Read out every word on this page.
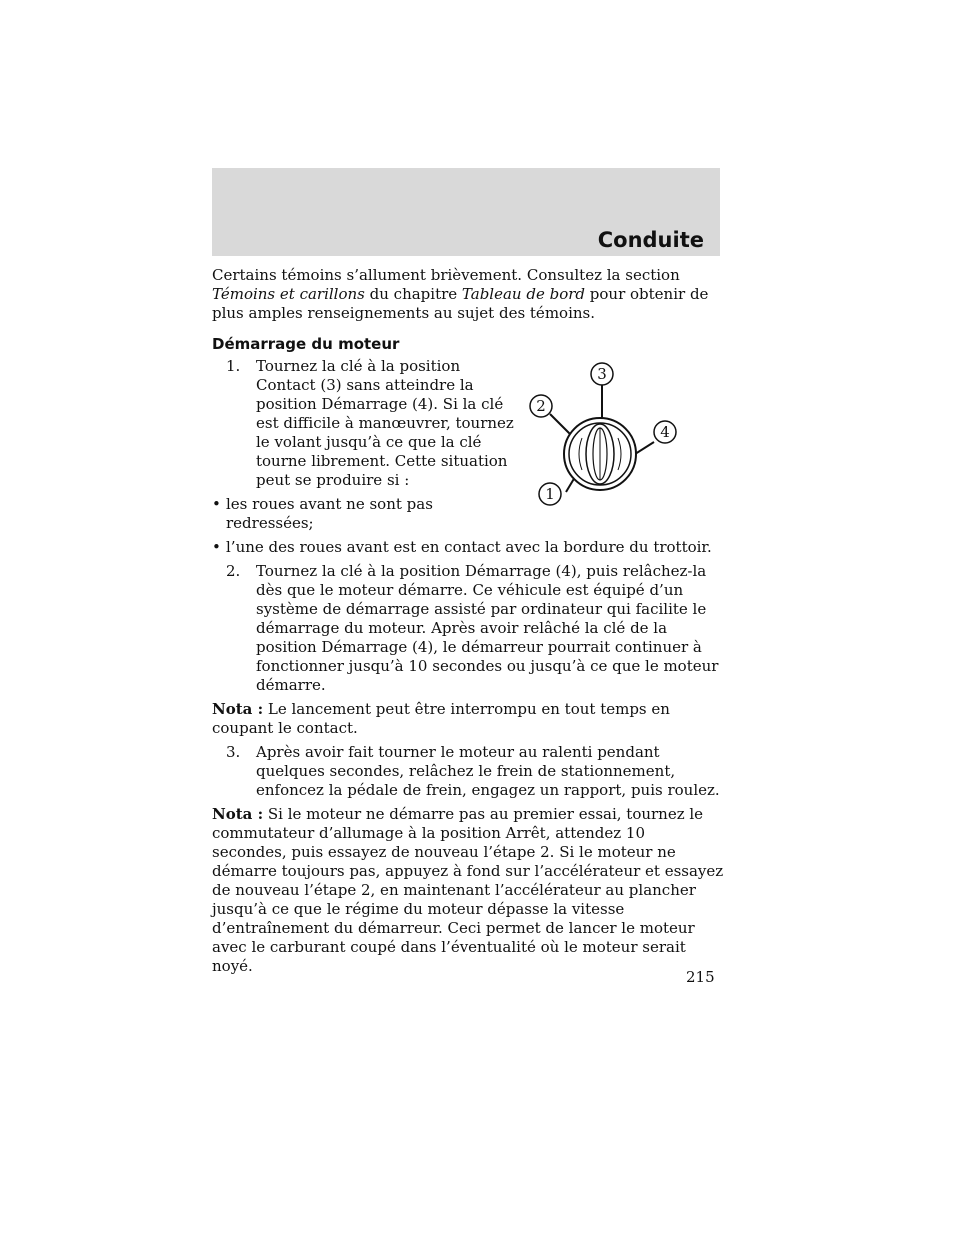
Conduite

Certains témoins s’allument brièvement. Consultez la section Témoins et carillons du chapitre Tableau de bord pour obtenir de plus amples renseignements au sujet des témoins.

Démarrage du moteur

1. Tournez la clé à la position Contact (3) sans atteindre la position Démarrage (4). Si la clé est difficile à manœuvrer, tournez le volant jusqu’à ce que la clé tourne librement. Cette situation peut se produire si :

• les roues avant ne sont pas redressées;

• l’une des roues avant est en contact avec la bordure du trottoir.

2. Tournez la clé à la position Démarrage (4), puis relâchez-la dès que le moteur démarre. Ce véhicule est équipé d’un système de démarrage assisté par ordinateur qui facilite le démarrage du moteur. Après avoir relâché la clé de la position Démarrage (4), le démarreur pourrait continuer à fonctionner jusqu’à 10 secondes ou jusqu’à ce que le moteur démarre.

Nota : Le lancement peut être interrompu en tout temps en coupant le contact.

3. Après avoir fait tourner le moteur au ralenti pendant quelques secondes, relâchez le frein de stationnement, enfoncez la pédale de frein, engagez un rapport, puis roulez.

Nota : Si le moteur ne démarre pas au premier essai, tournez le commutateur d’allumage à la position Arrêt, attendez 10 secondes, puis essayez de nouveau l’étape 2. Si le moteur ne démarre toujours pas, appuyez à fond sur l’accélérateur et essayez de nouveau l’étape 2, en maintenant l’accélérateur au plancher jusqu’à ce que le régime du moteur dépasse la vitesse d’entraînement du démarreur. Ceci permet de lancer le moteur avec le carburant coupé dans l’éventualité où le moteur serait noyé.

3
2
4
1
215
